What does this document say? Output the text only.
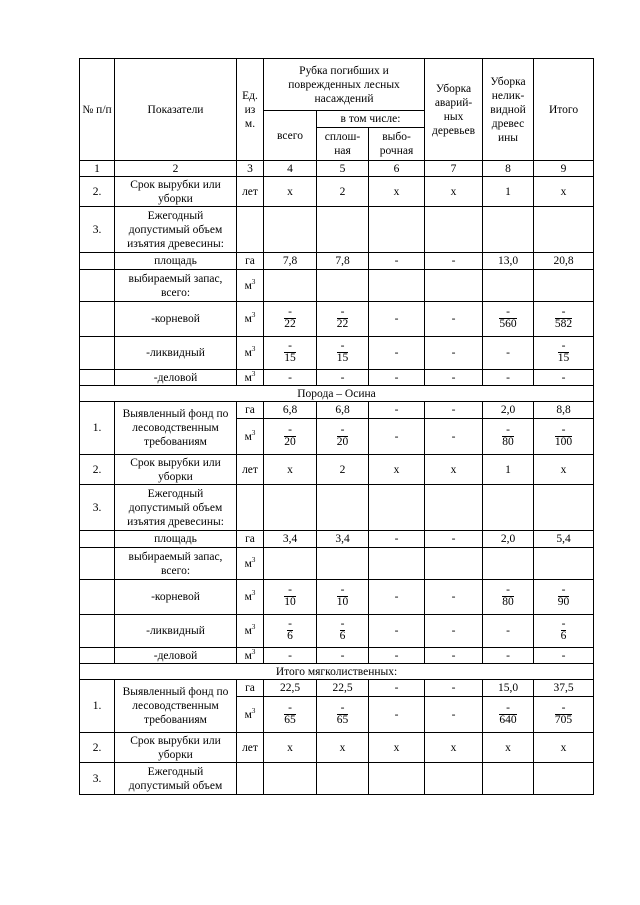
№ п/п	Показатели	Ед. из м.	Рубка погибших и поврежденных лесных насаждений			Уборка аварий-ных деревьев	Уборка нелик-видной древес ины	Итого
			всего	в том числе:				
				сплош-ная	выбо-рочная			
1	2	3	4	5	6	7	8	9
2.	Срок вырубки или уборки	лет	х	2	х	х	1	х
3.	Ежегодный допустимый объем изъятия древесины:							
	площадь	га	7,8	7,8	-	-	13,0	20,8
	выбираемый запас, всего:	$м^3$						
	-корневой	$м^3$	$\frac{-}{22}$	$\frac{-}{22}$	-	-	$\frac{-}{560}$	$\frac{-}{582}$

	-ликвидный	$м^3$	$\frac{-}{15}$	$\frac{-}{15}$	-	-	-	$\frac{-}{15}$

	-деловой	$м^3$	-	-	-	-	-	-
Порода – Осина								
1.	Выявленный фонд по лесоводственным требованиям	га	6,8	6,8	-	-	2,0	8,8
		$м^3$	$\frac{-}{20}$	$\frac{-}{20}$	-	-	$\frac{-}{80}$	$\frac{-}{100}$

2.	Срок вырубки или уборки	лет	х	2	х	х	1	х
3.	Ежегодный допустимый объем изъятия древесины:							
	площадь	га	3,4	3,4	-	-	2,0	5,4
	выбираемый запас, всего:	$м^3$						
	-корневой	$м^3$	$\frac{-}{10}$	$\frac{-}{10}$	-	-	$\frac{-}{80}$	$\frac{-}{90}$

	-ликвидный	$м^3$	$\frac{-}{6}$	$\frac{-}{6}$	-	-	-	$\frac{-}{6}$

	-деловой	$м^3$	-	-	-	-	-	-
Итого мягколиственных:								
1.	Выявленный фонд по лесоводственным требованиям	га	22,5	22,5	-	-	15,0	37,5
		$м^3$	$\frac{-}{65}$	$\frac{-}{65}$	-	-	$\frac{-}{640}$	$\frac{-}{705}$

2.	Срок вырубки или уборки	лет	х	х	х	х	х	х
3.	Ежегодный допустимый объем							
